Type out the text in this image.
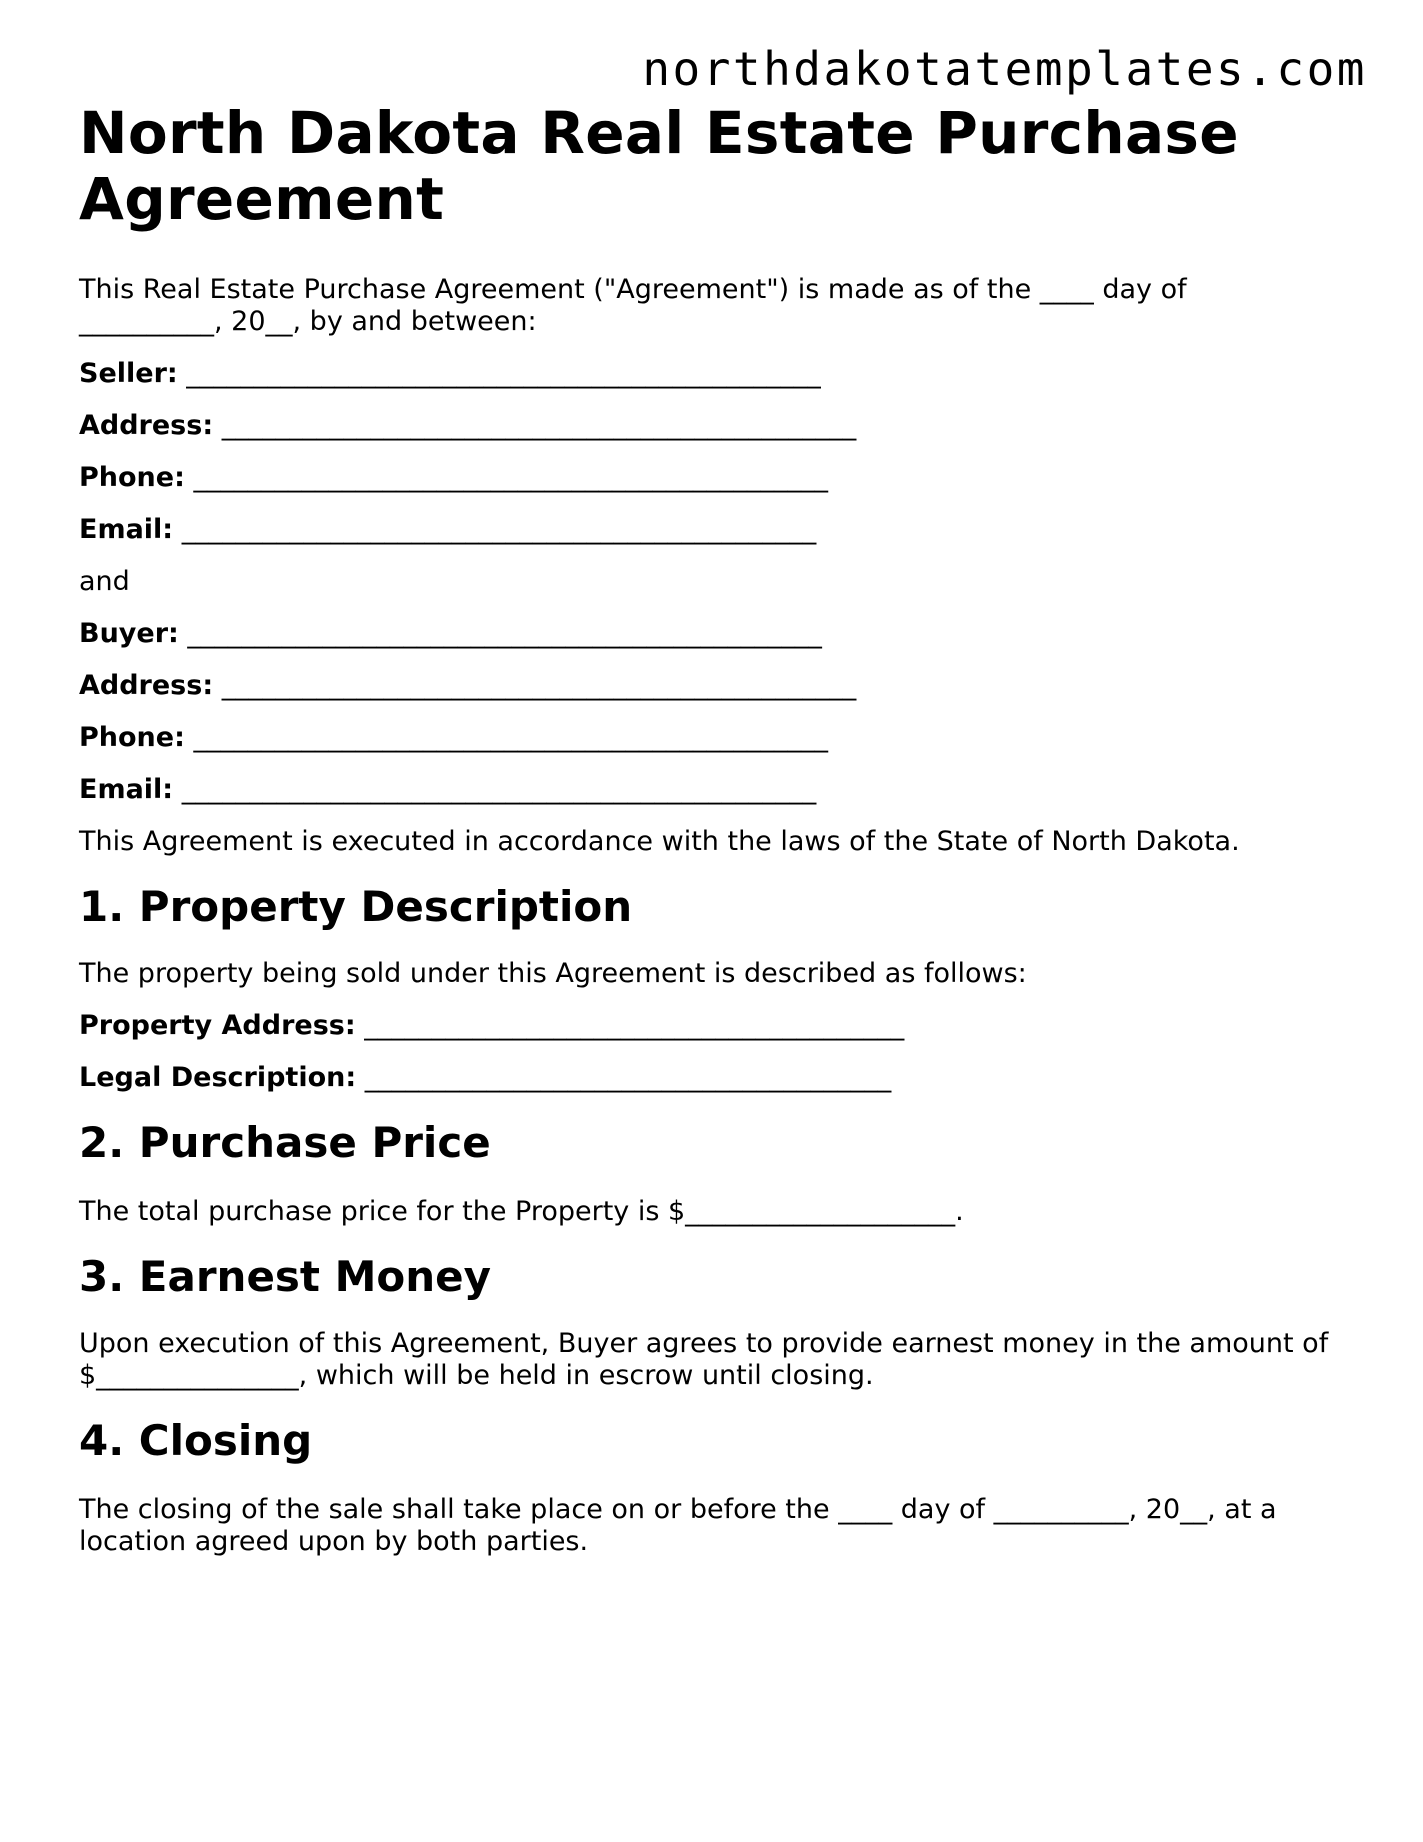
northdakotatemplates.com
North Dakota Real Estate Purchase Agreement

This Real Estate Purchase Agreement ("Agreement") is made as of the ____ day of __________, 20__, by and between:

Seller: _______________________________________________

Address: _______________________________________________

Phone: _______________________________________________

Email: _______________________________________________

and

Buyer: _______________________________________________

Address: _______________________________________________

Phone: _______________________________________________

Email: _______________________________________________

This Agreement is executed in accordance with the laws of the State of North Dakota.

1. Property Description

The property being sold under this Agreement is described as follows:

Property Address: ________________________________________

Legal Description: _______________________________________

2. Purchase Price

The total purchase price for the Property is $____________________.

3. Earnest Money

Upon execution of this Agreement, Buyer agrees to provide earnest money in the amount of $_______________, which will be held in escrow until closing.

4. Closing

The closing of the sale shall take place on or before the ____ day of __________, 20__, at a location agreed upon by both parties.
